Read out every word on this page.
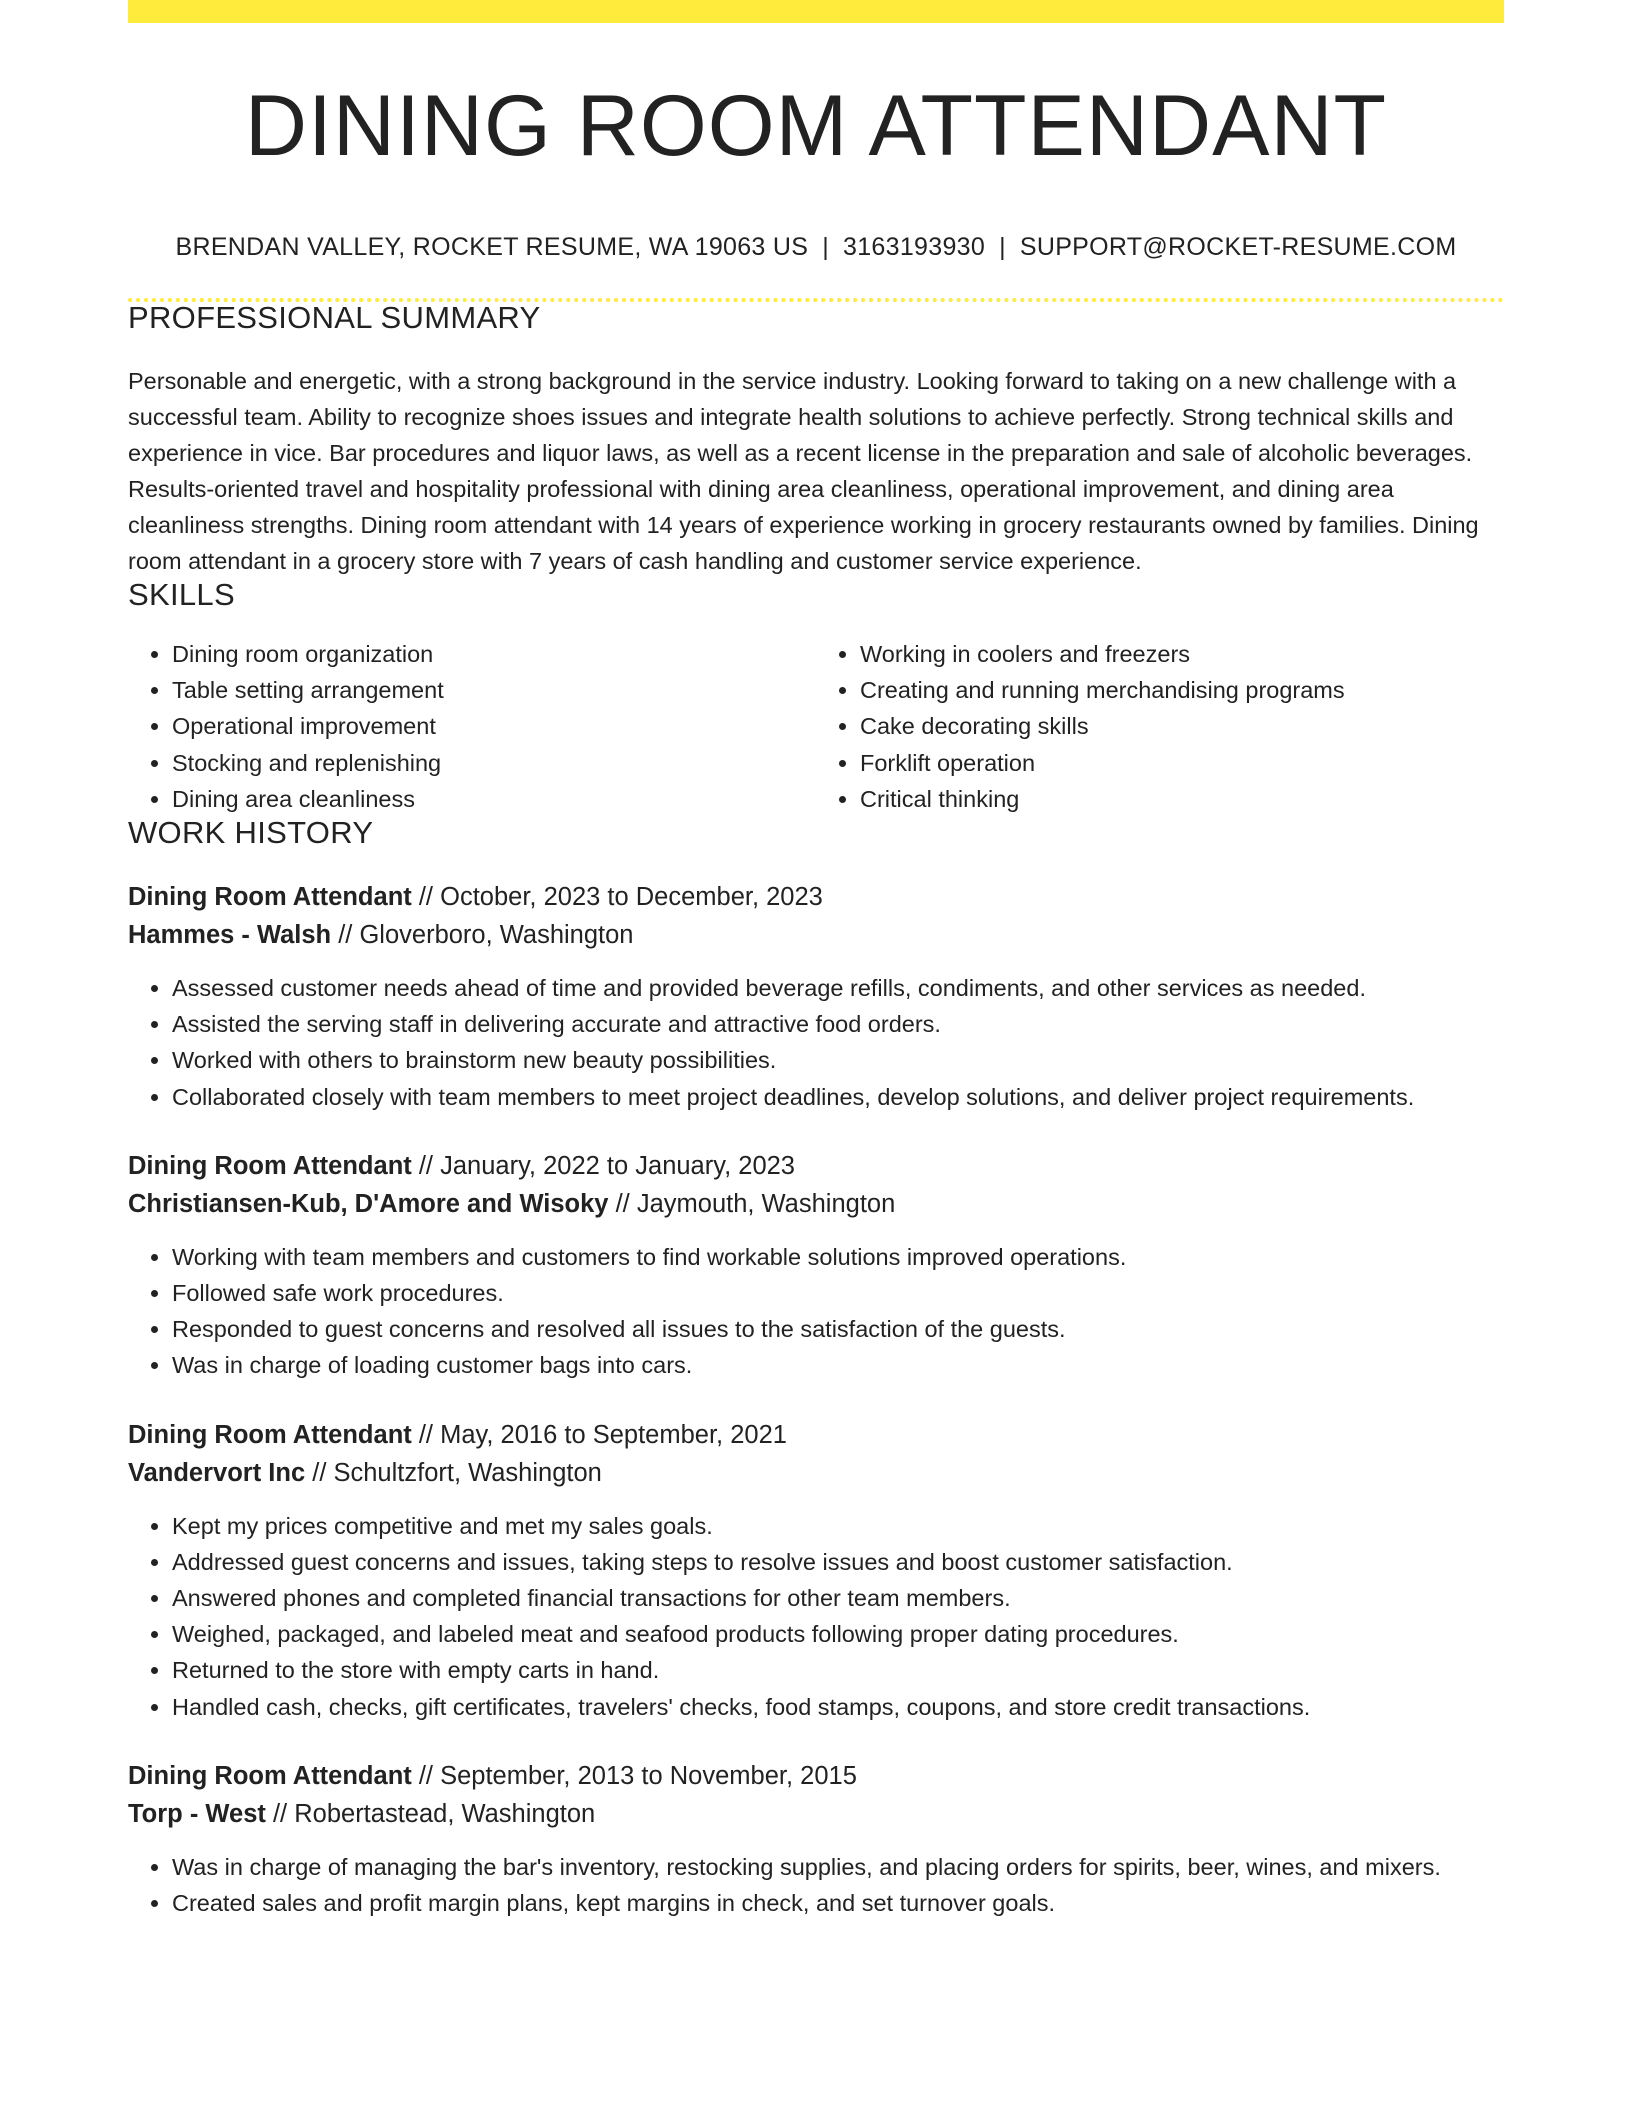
DINING ROOM ATTENDANT
BRENDAN VALLEY, ROCKET RESUME, WA 19063 US | 3163193930 | SUPPORT@ROCKET-RESUME.COM
PROFESSIONAL SUMMARY

Personable and energetic, with a strong background in the service industry. Looking forward to taking on a new challenge with a successful team. Ability to recognize shoes issues and integrate health solutions to achieve perfectly. Strong technical skills and experience in vice. Bar procedures and liquor laws, as well as a recent license in the preparation and sale of alcoholic beverages. Results-oriented travel and hospitality professional with dining area cleanliness, operational improvement, and dining area cleanliness strengths. Dining room attendant with 14 years of experience working in grocery restaurants owned by families. Dining room attendant in a grocery store with 7 years of cash handling and customer service experience.

SKILLS
• Dining room organization
• Table setting arrangement
• Operational improvement
• Stocking and replenishing
• Dining area cleanliness
• Working in coolers and freezers
• Creating and running merchandising programs
• Cake decorating skills
• Forklift operation
• Critical thinking
WORK HISTORY
Dining Room Attendant // October, 2023 to December, 2023
Hammes - Walsh // Gloverboro, Washington
• Assessed customer needs ahead of time and provided beverage refills, condiments, and other services as needed.
• Assisted the serving staff in delivering accurate and attractive food orders.
• Worked with others to brainstorm new beauty possibilities.
• Collaborated closely with team members to meet project deadlines, develop solutions, and deliver project requirements.
Dining Room Attendant // January, 2022 to January, 2023
Christiansen-Kub, D'Amore and Wisoky // Jaymouth, Washington
• Working with team members and customers to find workable solutions improved operations.
• Followed safe work procedures.
• Responded to guest concerns and resolved all issues to the satisfaction of the guests.
• Was in charge of loading customer bags into cars.
Dining Room Attendant // May, 2016 to September, 2021
Vandervort Inc // Schultzfort, Washington
• Kept my prices competitive and met my sales goals.
• Addressed guest concerns and issues, taking steps to resolve issues and boost customer satisfaction.
• Answered phones and completed financial transactions for other team members.
• Weighed, packaged, and labeled meat and seafood products following proper dating procedures.
• Returned to the store with empty carts in hand.
• Handled cash, checks, gift certificates, travelers' checks, food stamps, coupons, and store credit transactions.
Dining Room Attendant // September, 2013 to November, 2015
Torp - West // Robertastead, Washington
• Was in charge of managing the bar's inventory, restocking supplies, and placing orders for spirits, beer, wines, and mixers.
• Created sales and profit margin plans, kept margins in check, and set turnover goals.
